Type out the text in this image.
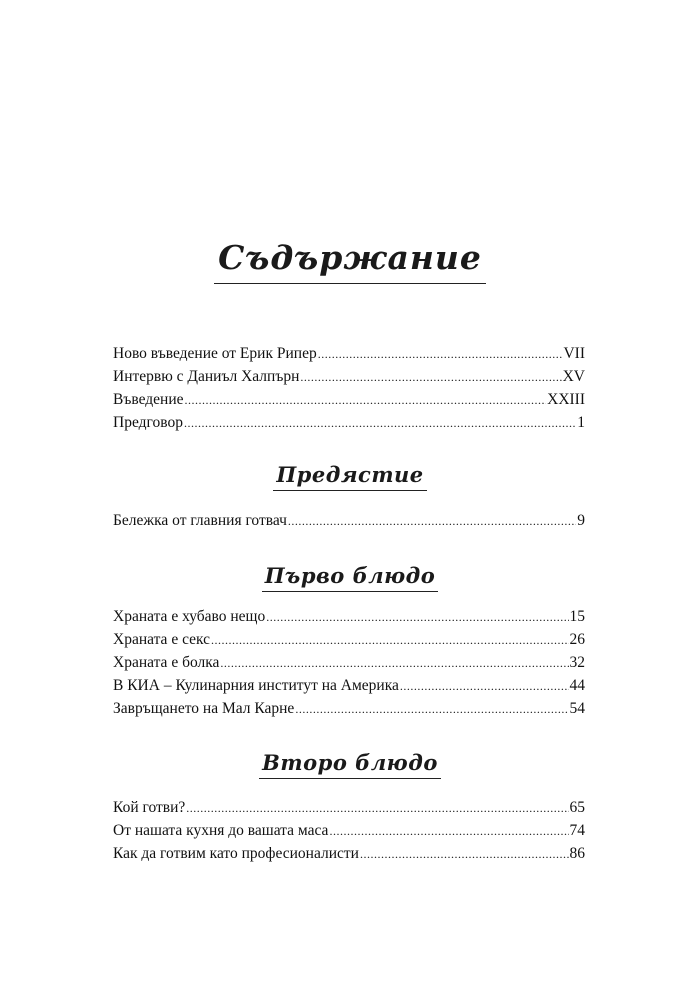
Съдържание
Ново въведение от Ерик Рипер .....	VII
Интервю с Даниъл Халпърн .....	XV
Въведение .....	XXIII
Предговор .....	1
Предястие
Бележка от главния готвач .....	9
Първо блюдо
Храната е хубаво нещо .....	15
Храната е секс .....	26
Храната е болка .....	32
В КИА – Кулинарния институт на Америка .....	44
Завръщането на Мал Карне .....	54
Второ блюдо
Кой готви? .....	65
От нашата кухня до вашата маса .....	74
Как да готвим като професионалисти .....	86
